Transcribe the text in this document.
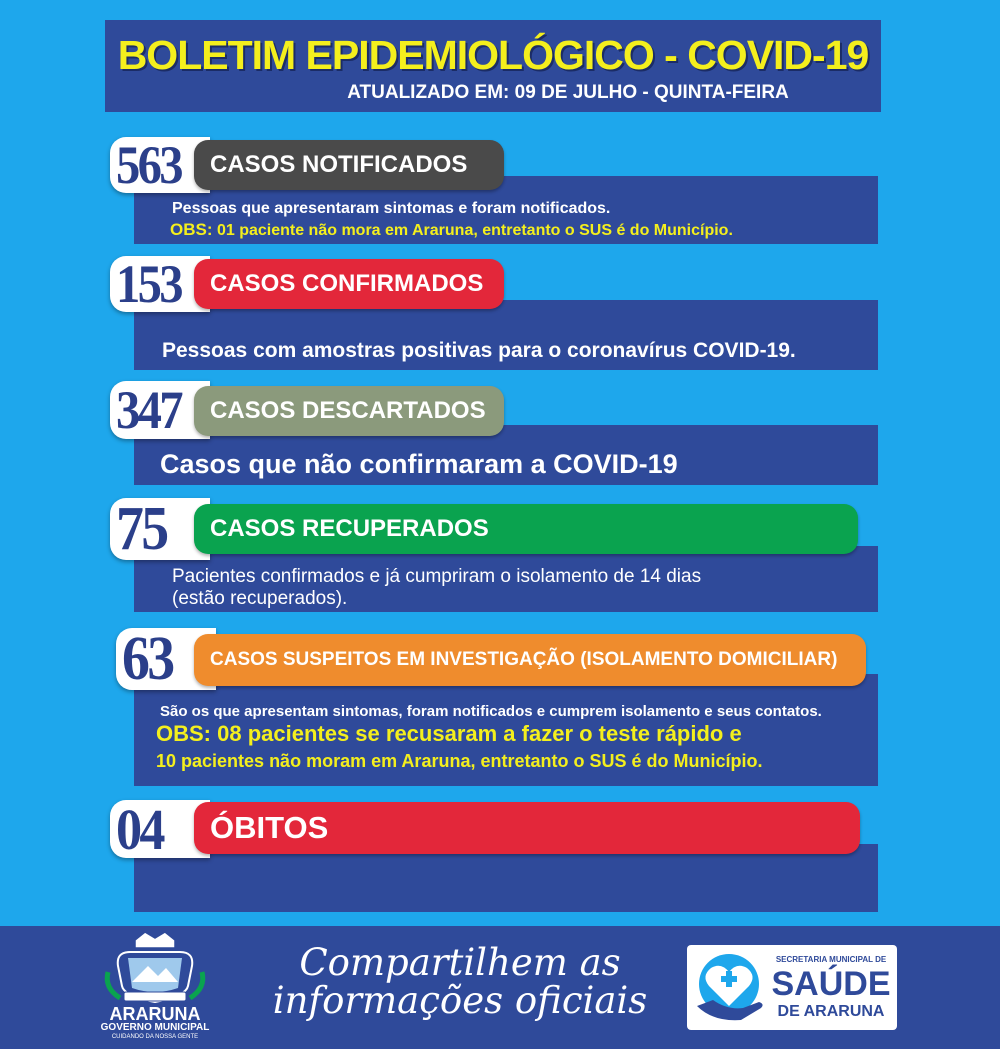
BOLETIM EPIDEMIOLÓGICO - COVID-19
ATUALIZADO EM: 09 DE JULHO - QUINTA-FEIRA
563	CASOS NOTIFICADOS
Pessoas que apresentaram sintomas e foram notificados.
OBS: 01 paciente não mora em Araruna, entretanto o SUS é do Município.
153	CASOS CONFIRMADOS
Pessoas com amostras positivas para o coronavírus COVID-19.
347	CASOS DESCARTADOS
Casos que não confirmaram a COVID-19
75	CASOS RECUPERADOS
Pacientes confirmados e já cumpriram o isolamento de 14 dias
(estão recuperados).
63	CASOS SUSPEITOS EM INVESTIGAÇÃO (ISOLAMENTO DOMICILIAR)
São os que apresentam sintomas, foram notificados e cumprem isolamento e seus contatos.
OBS: 08 pacientes se recusaram a fazer o teste rápido e
10 pacientes não moram em Araruna, entretanto o SUS é do Município.
04	ÓBITOS
Compartilhem as
informações oficiais
ARARUNA
GOVERNO MUNICIPAL
CUIDANDO DA NOSSA GENTE
SECRETARIA MUNICIPAL DE
SAÚDE
DE ARARUNA
